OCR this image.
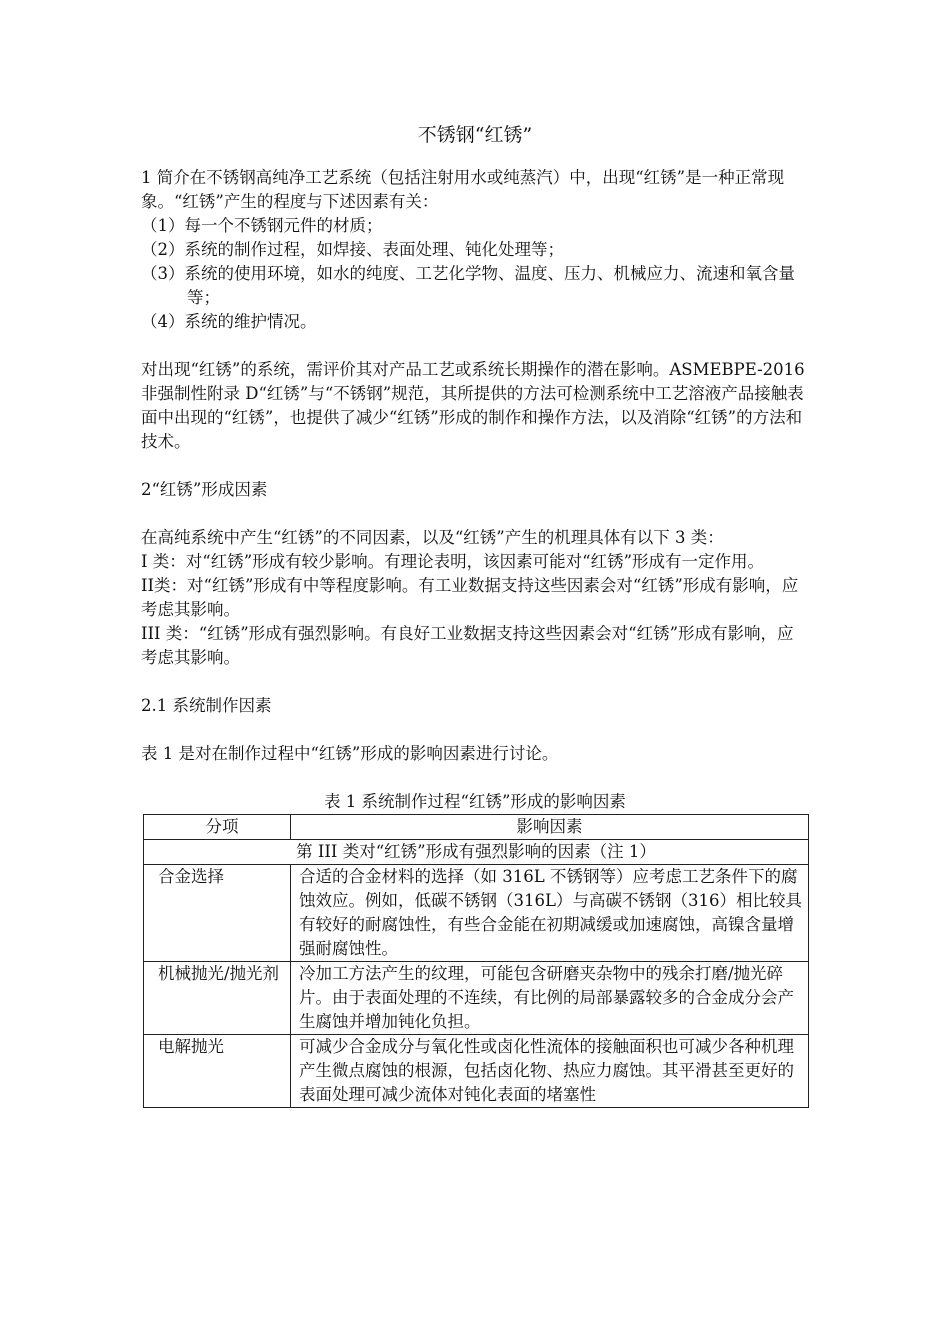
不锈钢“红锈”

1 简介在不锈钢高纯净工艺系统（包括注射用水或纯蒸汽）中，出现“红锈”是一种正常现象。“红锈”产生的程度与下述因素有关：

（1）每一个不锈钢元件的材质；

（2）系统的制作过程，如焊接、表面处理、钝化处理等；

（3）系统的使用环境，如水的纯度、工艺化学物、温度、压力、机械应力、流速和氧含量等；

（4）系统的维护情况。

对出现“红锈”的系统，需评价其对产品工艺或系统长期操作的潜在影响。ASMEBPE-2016 非强制性附录 D“红锈”与“不锈钢”规范，其所提供的方法可检测系统中工艺溶液产品接触表面中出现的“红锈”，也提供了减少“红锈”形成的制作和操作方法，以及消除“红锈”的方法和技术。

2“红锈”形成因素

在高纯系统中产生“红锈”的不同因素，以及“红锈”产生的机理具体有以下 3 类：

I 类：对“红锈”形成有较少影响。有理论表明，该因素可能对“红锈”形成有一定作用。

II类：对“红锈”形成有中等程度影响。有工业数据支持这些因素会对“红锈”形成有影响，应考虑其影响。

III 类：“红锈”形成有强烈影响。有良好工业数据支持这些因素会对“红锈”形成有影响，应考虑其影响。

2.1 系统制作因素

表 1 是对在制作过程中“红锈”形成的影响因素进行讨论。

表 1 系统制作过程“红锈”形成的影响因素

分项	影响因素
第 III 类对“红锈”形成有强烈影响的因素（注 1）	
合金选择	合适的合金材料的选择（如 316L 不锈钢等）应考虑工艺条件下的腐蚀效应。例如，低碳不锈钢（316L）与高碳不锈钢（316）相比较具有较好的耐腐蚀性，有些合金能在初期减缓或加速腐蚀，高镍含量增强耐腐蚀性。
机械抛光/抛光剂	冷加工方法产生的纹理，可能包含研磨夹杂物中的残余打磨/抛光碎片。由于表面处理的不连续，有比例的局部暴露较多的合金成分会产生腐蚀并增加钝化负担。
电解抛光	可减少合金成分与氧化性或卤化性流体的接触面积也可减少各种机理产生微点腐蚀的根源，包括卤化物、热应力腐蚀。其平滑甚至更好的表面处理可减少流体对钝化表面的堵塞性
